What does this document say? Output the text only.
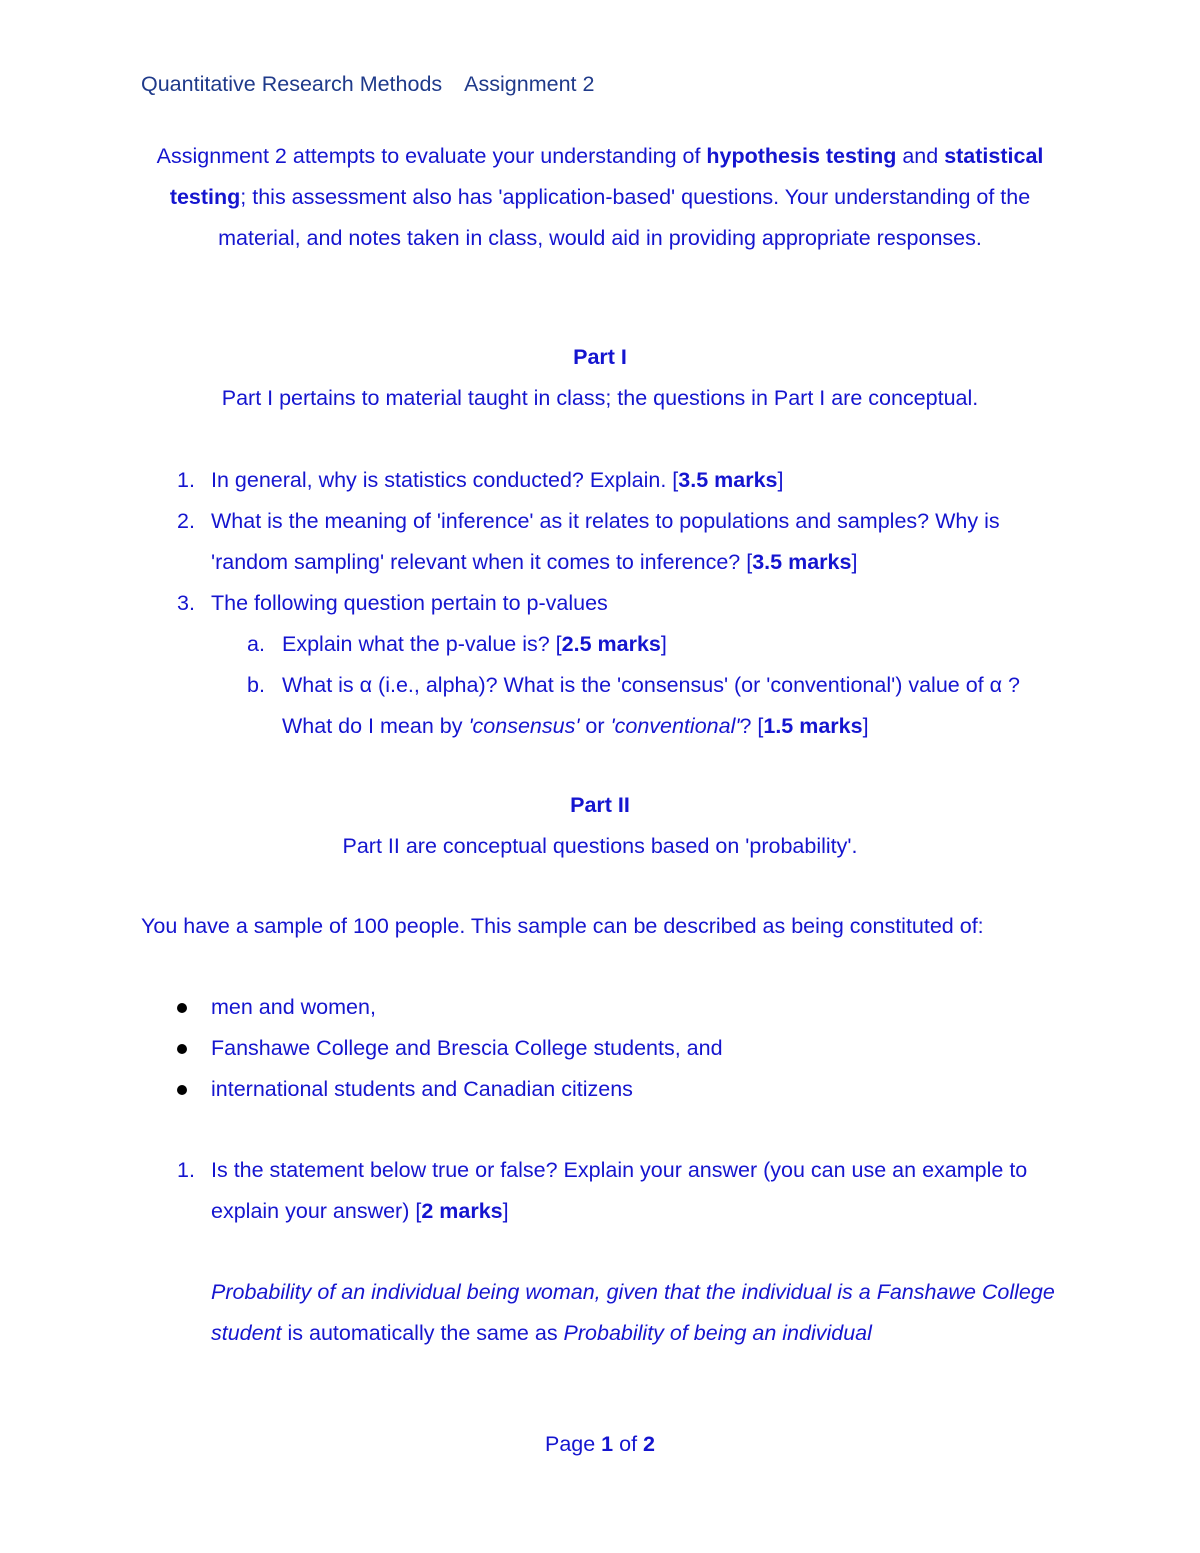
Quantitative Research Methods Assignment 2
Assignment 2 attempts to evaluate your understanding of hypothesis testing and statistical testing; this assessment also has 'application-based' questions. Your understanding of the material, and notes taken in class, would aid in providing appropriate responses.
Part I
Part I pertains to material taught in class; the questions in Part I are conceptual.
1. In general, why is statistics conducted? Explain. [3.5 marks]
2. What is the meaning of 'inference' as it relates to populations and samples? Why is 'random sampling' relevant when it comes to inference? [3.5 marks]
3. The following question pertain to p-values
a. Explain what the p-value is? [2.5 marks]
b. What is α (i.e., alpha)? What is the 'consensus' (or 'conventional') value of α ? What do I mean by 'consensus' or 'conventional'? [1.5 marks]
Part II
Part II are conceptual questions based on 'probability'.
You have a sample of 100 people. This sample can be described as being constituted of:
men and women,
Fanshawe College and Brescia College students, and
international students and Canadian citizens
1. Is the statement below true or false? Explain your answer (you can use an example to explain your answer) [2 marks]
Probability of an individual being woman, given that the individual is a Fanshawe College student is automatically the same as Probability of being an individual
Page 1 of 2
